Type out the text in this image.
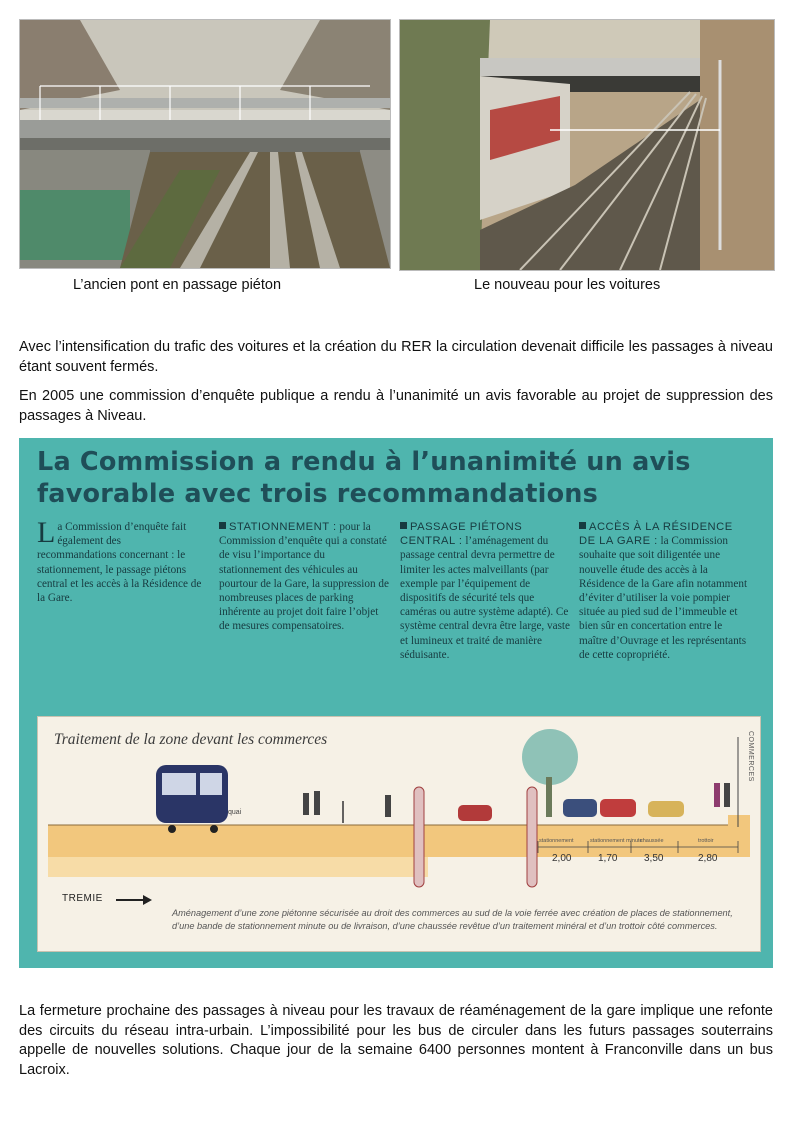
L’ancien pont en passage piéton	Le nouveau pour les voitures
Avec l’intensification du trafic des voitures et la création du RER la circulation devenait difficile les passages à niveau étant souvent fermés.
En 2005 une commission d’enquête publique a rendu à l’unanimité un avis favorable au projet de suppression des passages à Niveau.
La Commission a rendu à l’unanimité un avis favorable avec trois recommandations
La Commission d’enquête fait également des recommandations concernant : le stationnement, le passage piétons central et les accès à la Résidence de la Gare.
STATIONNEMENT : pour la Commission d’enquête qui a constaté de visu l’importance du stationnement des véhicules au pourtour de la Gare, la suppression de nombreuses places de parking inhérente au projet doit faire l’objet de mesures compensatoires.
PASSAGE PIÉTONS CENTRAL : l’aménagement du passage central devra permettre de limiter les actes malveillants (par exemple par l’équipement de dispositifs de sécurité tels que caméras ou autre système adapté). Ce système central devra être large, vaste et lumineux et traité de manière séduisante.
ACCÈS À LA RÉSIDENCE DE LA GARE : la Commission souhaite que soit diligentée une nouvelle étude des accès à la Résidence de la Gare afin notamment d’éviter d’utiliser la voie pompier située au pied sud de l’immeuble et bien sûr en concertation entre le maître d’Ouvrage et les représentants de cette copropriété.
Traitement de la zone devant les commerces	COMMERCES
quai
stationnement	stationnement minute
chaussée	trottoir
2,00	1,70	3,50	2,80
TREMIE
Aménagement d’une zone piétonne sécurisée au droit des commerces au sud de la voie ferrée avec création de places de stationnement, d’une bande de stationnement minute ou de livraison, d’une chaussée revêtue d’un traitement minéral et d’un trottoir côté commerces.
La fermeture prochaine des passages à niveau pour les travaux de réaménagement de la gare implique une refonte des circuits du réseau intra-urbain. L’impossibilité pour les bus de circuler dans les futurs passages souterrains appelle de nouvelles solutions. Chaque jour de la semaine 6400 personnes montent à Franconville dans un bus Lacroix.
